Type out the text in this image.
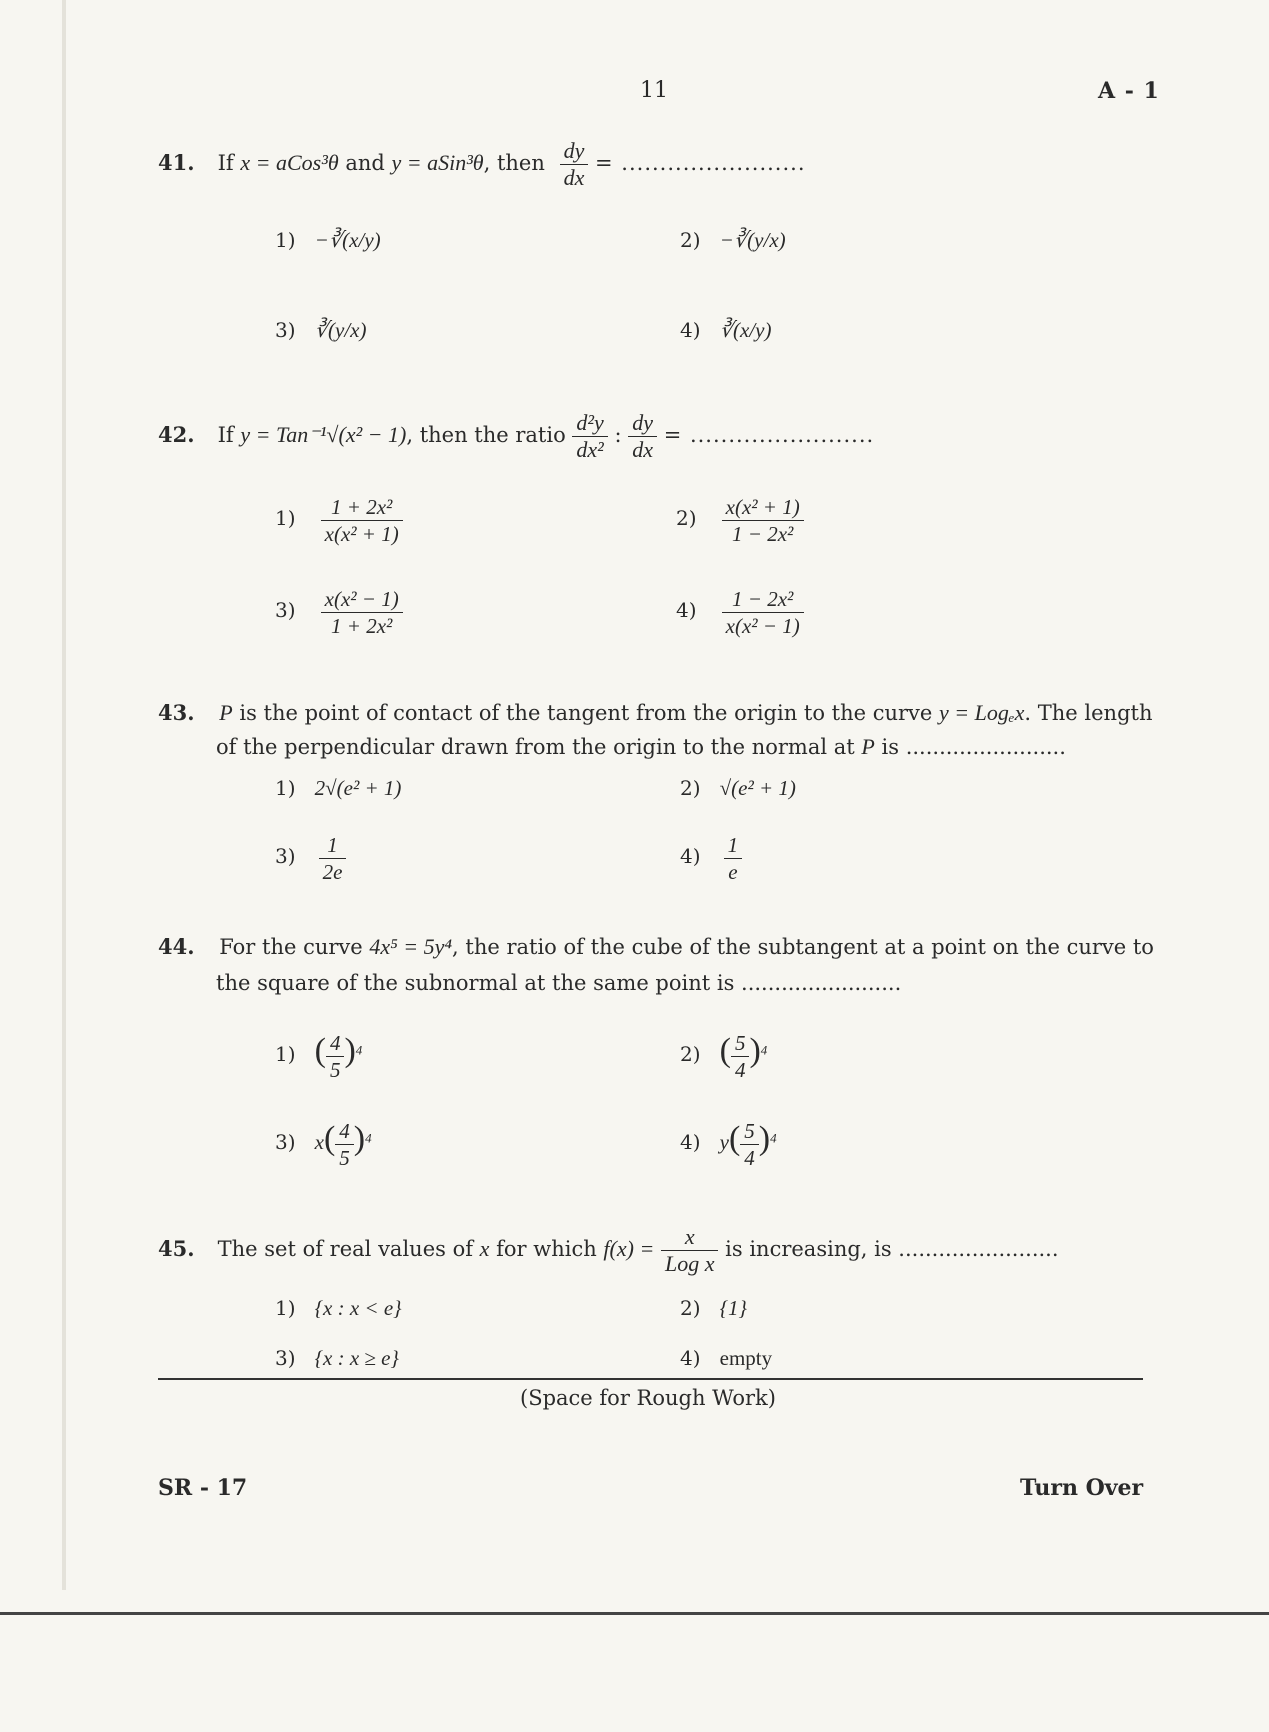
11	A - 1
41. If x = aCos³θ and y = aSin³θ, then $\frac{dy}{dx}$ = ........................
1) −∛(x/y)	2) −∛(y/x)
3) ∛(y/x)	4) ∛(x/y)
42. If y = Tan⁻¹√(x² − 1), then the ratio $\frac{\text{d²y}}{\text{dx²}}$ : $\frac{dy}{dx}$ = ........................
$1) \frac{\text{1 + 2x²}}{\text{x(x² + 1)}}$	$2) \frac{\text{x(x² + 1)}}{\text{1 − 2x²}}$
$3) \frac{\text{x(x² − 1)}}{\text{1 + 2x²}}$	$4) \frac{\text{1 − 2x²}}{\text{x(x² − 1)}}$
43. P is the point of contact of the tangent from the origin to the curve y = Logₑx. The length
of the perpendicular drawn from the origin to the normal at P is ........................
1) 2√(e² + 1)	2) √(e² + 1)
$3) \frac{1}{2e}$	$4) \frac{1}{e}$
44. For the curve 4x⁵ = 5y⁴, the ratio of the cube of the subtangent at a point on the curve to
the square of the subnormal at the same point is ........................
1) ( $\frac{4}{5} )^4$	2) ( $\frac{5}{4} )^4$
3) $x( \frac{4}{5} )^4$	4) $y( \frac{5}{4} )^4$
45. The set of real values of x for which $f(x) = \frac{x}{\text{Log x}}$ is increasing, is ........................
1) {x : x < e}	2) {1}
3) {x : x ≥ e}	4) empty
(Space for Rough Work)
SR - 17	Turn Over
